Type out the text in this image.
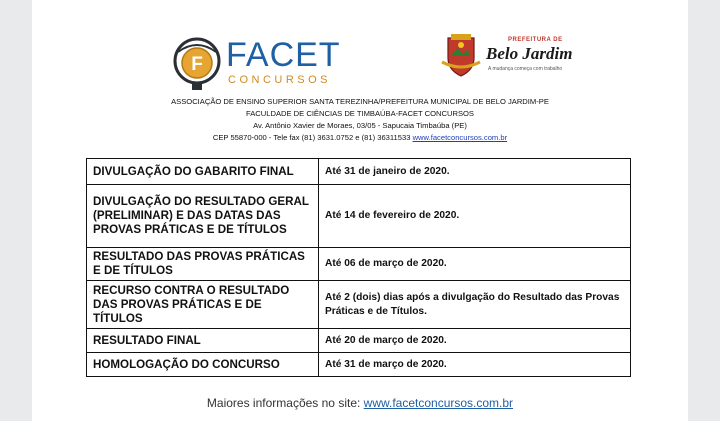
F FACET
CONCURSOS
PREFEITURA DE
Belo Jardim
A mudança começa com trabalho
ASSOCIAÇÃO DE ENSINO SUPERIOR SANTA TEREZINHA/PREFEITURA MUNICIPAL DE BELO JARDIM-PE
FACULDADE DE CIÊNCIAS DE TIMBAÚBA-FACET CONCURSOS
Av. Antônio Xavier de Moraes, 03/05 - Sapucaia Timbaúba (PE)
CEP 55870-000 - Tele fax (81) 3631.0752 e (81) 36311533 www.facetconcursos.com.br
DIVULGAÇÃO DO GABARITO FINAL	Até 31 de janeiro de 2020.
DIVULGAÇÃO DO RESULTADO GERAL (PRELIMINAR) E DAS DATAS DAS PROVAS PRÁTICAS E DE TÍTULOS	Até 14 de fevereiro de 2020.
RESULTADO DAS PROVAS PRÁTICAS E DE TÍTULOS	Até 06 de março de 2020.
RECURSO CONTRA O RESULTADO DAS PROVAS PRÁTICAS E DE TÍTULOS	Até 2 (dois) dias após a divulgação do Resultado das Provas Práticas e de Títulos.
RESULTADO FINAL	Até 20 de março de 2020.
HOMOLOGAÇÃO DO CONCURSO	Até 31 de março de 2020.
Maiores informações no site: www.facetconcursos.com.br
